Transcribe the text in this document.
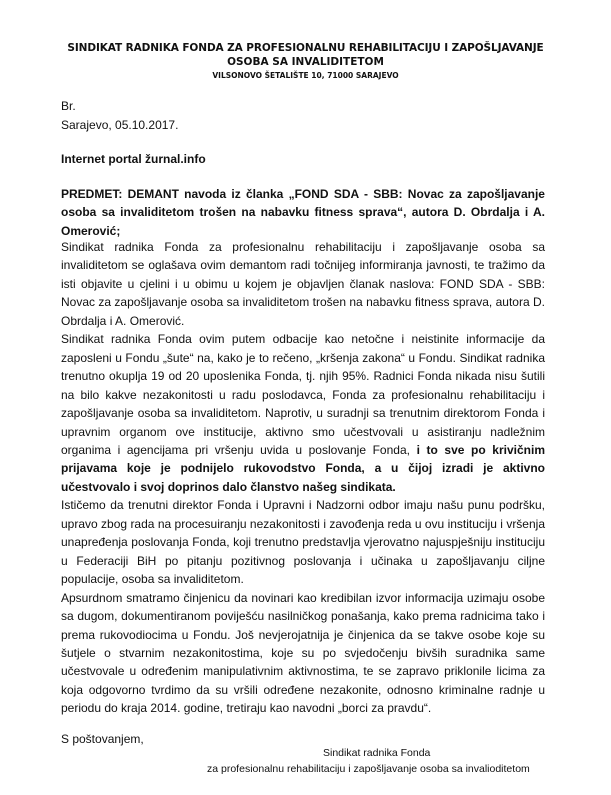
SINDIKAT RADNIKA FONDA ZA PROFESIONALNU REHABILITACIJU I ZAPOŠLJAVANJE
OSOBA SA INVALIDITETOM
VILSONOVO ŠETALIŠTE 10, 71000 SARAJEVO
Br.
Sarajevo, 05.10.2017.
Internet portal žurnal.info

PREDMET: DEMANT navoda iz članka „FOND SDA - SBB: Novac za zapošljavanje osoba sa invaliditetom trošen na nabavku fitness sprava“, autora D. Obrdalja i A. Omerović;

Sindikat radnika Fonda za profesionalnu rehabilitaciju i zapošljavanje osoba sa invaliditetom se oglašava ovim demantom radi točnijeg informiranja javnosti, te tražimo da isti objavite u cjelini i u obimu u kojem je objavljen članak naslova: FOND SDA - SBB: Novac za zapošljavanje osoba sa invaliditetom trošen na nabavku fitness sprava, autora D. Obrdalja i A. Omerović.

Sindikat radnika Fonda ovim putem odbacije kao netočne i neistinite informacije da zaposleni u Fondu „šute“ na, kako je to rečeno, „kršenja zakona“ u Fondu. Sindikat radnika trenutno okuplja 19 od 20 uposlenika Fonda, tj. njih 95%. Radnici Fonda nikada nisu šutili na bilo kakve nezakonitosti u radu poslodavca, Fonda za profesionalnu rehabilitaciju i zapošljavanje osoba sa invaliditetom. Naprotiv, u suradnji sa trenutnim direktorom Fonda i upravnim organom ove institucije, aktivno smo učestvovali u asistiranju nadležnim organima i agencijama pri vršenju uvida u poslovanje Fonda, i to sve po krivičnim prijavama koje je podnijelo rukovodstvo Fonda, a u čijoj izradi je aktivno učestvovalo i svoj doprinos dalo članstvo našeg sindikata.

Ističemo da trenutni direktor Fonda i Upravni i Nadzorni odbor imaju našu punu podršku, upravo zbog rada na procesuiranju nezakonitosti i zavođenja reda u ovu instituciju i vršenja unapređenja poslovanja Fonda, koji trenutno predstavlja vjerovatno najuspješniju instituciju u Federaciji BiH po pitanju pozitivnog poslovanja i učinaka u zapošljavanju ciljne populacije, osoba sa invaliditetom.

Apsurdnom smatramo činjenicu da novinari kao kredibilan izvor informacija uzimaju osobe sa dugom, dokumentiranom poviješću nasilničkog ponašanja, kako prema radnicima tako i prema rukovodiocima u Fondu. Još nevjerojatnija je činjenica da se takve osobe koje su šutjele o stvarnim nezakonitostima, koje su po svjedočenju bivših suradnika same učestvovale u određenim manipulativnim aktivnostima, te se zapravo priklonile licima za koja odgovorno tvrdimo da su vršili određene nezakonite, odnosno kriminalne radnje u periodu do kraja 2014. godine, tretiraju kao navodni „borci za pravdu“.

S poštovanjem,
Sindikat radnika Fonda
za profesionalnu rehabilitaciju i zapošljavanje osoba sa invalioditetom
